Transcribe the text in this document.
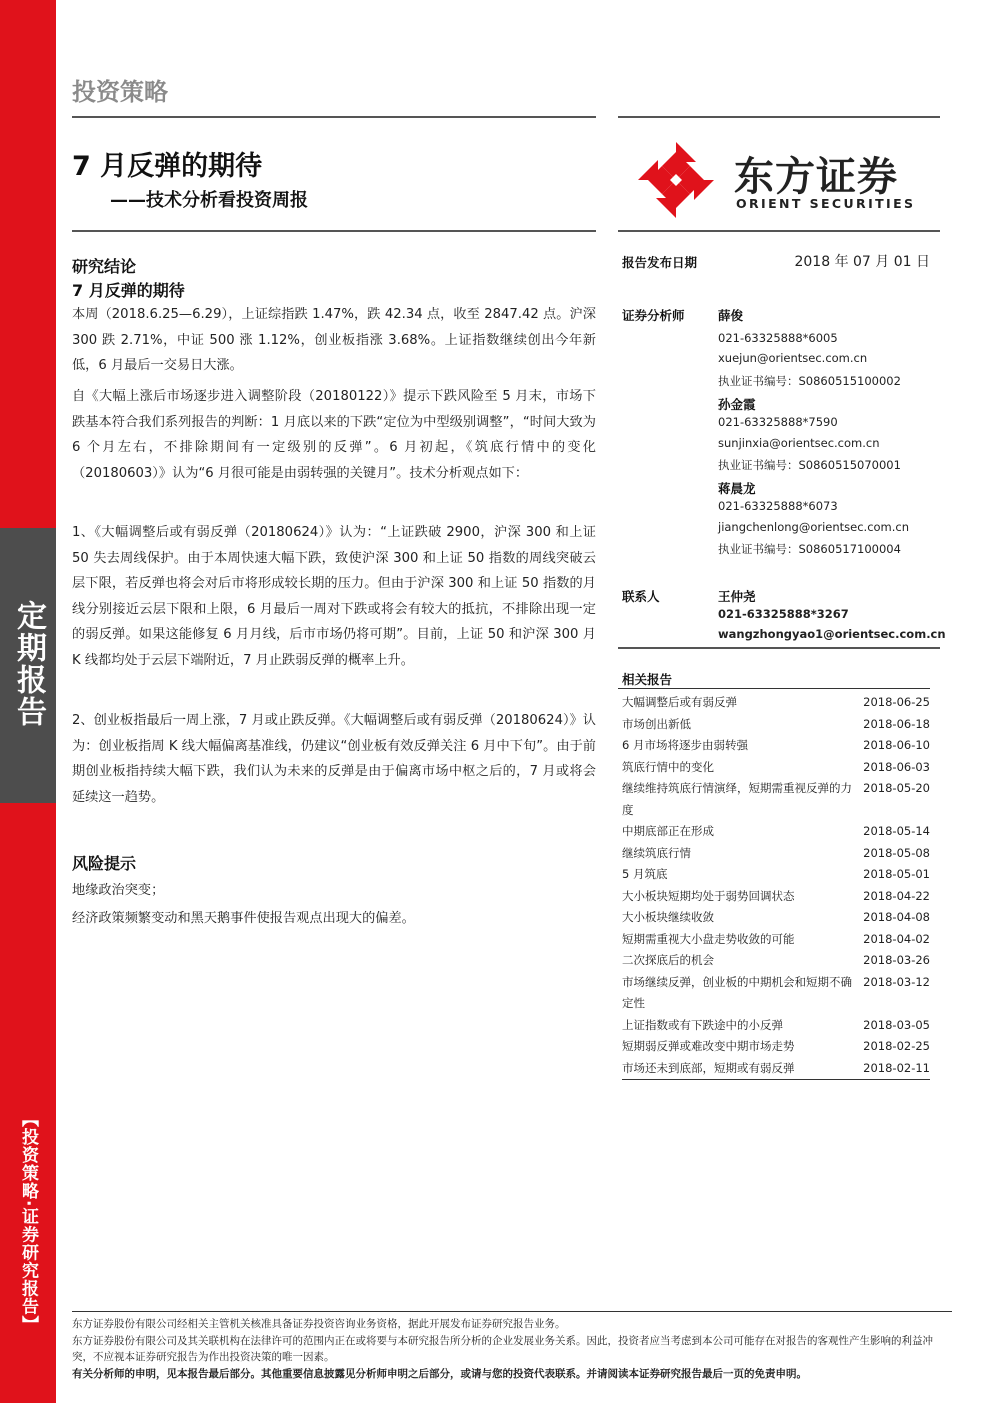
定期报告
【投资策略·证券研究报告】
投资策略
7 月反弹的期待
——技术分析看投资周报
东方证券
ORIENT SECURITIES
研究结论
7 月反弹的期待
本周（2018.6.25—6.29），上证综指跌 1.47%，跌 42.34 点，收至 2847.42 点。沪深 300 跌 2.71%，中证 500 涨 1.12%，创业板指涨 3.68%。上证指数继续创出今年新低，6 月最后一交易日大涨。
自《大幅上涨后市场逐步进入调整阶段（20180122）》提示下跌风险至 5 月末，市场下跌基本符合我们系列报告的判断：1 月底以来的下跌“定位为中型级别调整”，“时间大致为 6 个月左右，不排除期间有一定级别的反弹”。6 月初起，《筑底行情中的变化（20180603）》认为“6 月很可能是由弱转强的关键月”。技术分析观点如下：
1、《大幅调整后或有弱反弹（20180624）》认为：“上证跌破 2900，沪深 300 和上证 50 失去周线保护。由于本周快速大幅下跌，致使沪深 300 和上证 50 指数的周线突破云层下限，若反弹也将会对后市将形成较长期的压力。但由于沪深 300 和上证 50 指数的月线分别接近云层下限和上限，6 月最后一周对下跌或将会有较大的抵抗，不排除出现一定的弱反弹。如果这能修复 6 月月线，后市市场仍将可期”。目前，上证 50 和沪深 300 月 K 线都均处于云层下端附近，7 月止跌弱反弹的概率上升。
2、创业板指最后一周上涨，7 月或止跌反弹。《大幅调整后或有弱反弹（20180624）》认为：创业板指周 K 线大幅偏离基准线，仍建议“创业板有效反弹关注 6 月中下旬”。由于前期创业板指持续大幅下跌，我们认为未来的反弹是由于偏离市场中枢之后的，7 月或将会延续这一趋势。
风险提示
地缘政治突变；
经济政策频繁变动和黑天鹅事件使报告观点出现大的偏差。
报告发布日期	2018 年 07 月 01 日
证券分析师	薛俊
021-63325888*6005
xuejun@orientsec.com.cn
执业证书编号：S0860515100002
孙金霞
021-63325888*7590
sunjinxia@orientsec.com.cn
执业证书编号：S0860515070001
蒋晨龙
021-63325888*6073
jiangchenlong@orientsec.com.cn
执业证书编号：S0860517100004
联系人	王仲尧
021-63325888*3267
wangzhongyao1@orientsec.com.cn
相关报告
大幅调整后或有弱反弹	2018-06-25
市场创出新低	2018-06-18
6 月市场将逐步由弱转强	2018-06-10
筑底行情中的变化	2018-06-03
继续维持筑底行情演绎，短期需重视反弹的力度	2018-05-20
中期底部正在形成	2018-05-14
继续筑底行情	2018-05-08
5 月筑底	2018-05-01
大小板块短期均处于弱势回调状态	2018-04-22
大小板块继续收敛	2018-04-08
短期需重视大小盘走势收敛的可能	2018-04-02
二次探底后的机会	2018-03-26
市场继续反弹，创业板的中期机会和短期不确定性	2018-03-12
上证指数或有下跌途中的小反弹	2018-03-05
短期弱反弹或难改变中期市场走势	2018-02-25
市场还未到底部，短期或有弱反弹	2018-02-11
东方证券股份有限公司经相关主管机关核准具备证券投资咨询业务资格，据此开展发布证券研究报告业务。
东方证券股份有限公司及其关联机构在法律许可的范围内正在或将要与本研究报告所分析的企业发展业务关系。因此，投资者应当考虑到本公司可能存在对报告的客观性产生影响的利益冲突，不应视本证券研究报告为作出投资决策的唯一因素。
有关分析师的申明，见本报告最后部分。其他重要信息披露见分析师申明之后部分，或请与您的投资代表联系。并请阅读本证券研究报告最后一页的免责申明。
